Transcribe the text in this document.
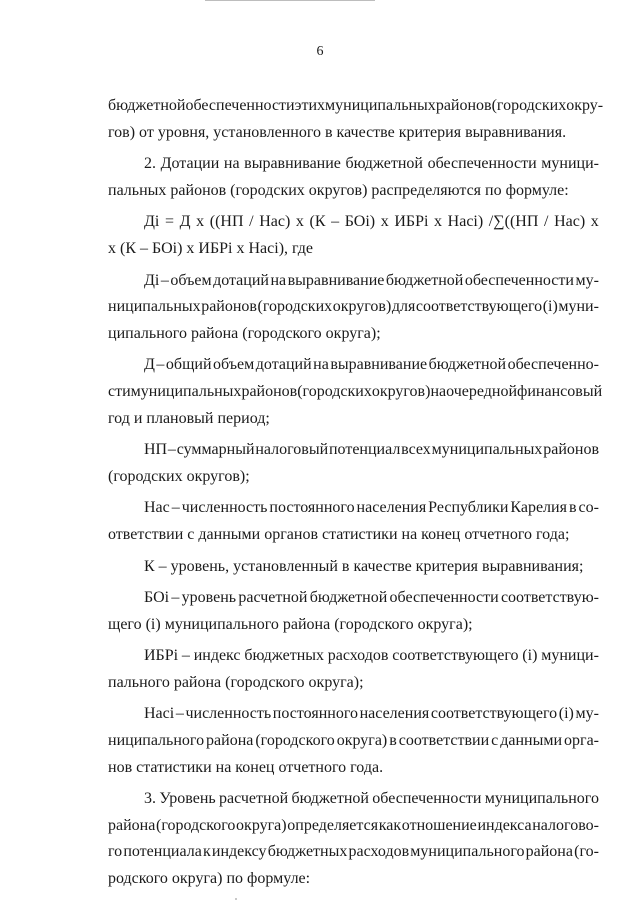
6
бюджетной обеспеченности этих муниципальных районов (городских окру-
гов) от уровня, установленного в качестве критерия выравнивания.
2. Дотации на выравнивание бюджетной обеспеченности муници-
пальных районов (городских округов) распределяются по формуле:
Дi = Д х ((НП / Нас) х (К – БОi) х ИБРi х Насi) /∑((НП / Нас) х
х (К – БОi) х ИБРi х Насi), где
Дi – объем дотаций на выравнивание бюджетной обеспеченности му-
ниципальных районов (городских округов) для соответствующего (i) муни-
ципального района (городского округа);
Д – общий объем дотаций на выравнивание бюджетной обеспеченно-
сти муниципальных районов (городских округов) на очередной финансовый
год и плановый период;
НП – суммарный налоговый потенциал всех муниципальных районов
(городских округов);
Нас – численность постоянного населения Республики Карелия в со-
ответствии с данными органов статистики на конец отчетного года;
К – уровень, установленный в качестве критерия выравнивания;
БОi – уровень расчетной бюджетной обеспеченности соответствую-
щего (i) муниципального района (городского округа);
ИБРi – индекс бюджетных расходов соответствующего (i) муници-
пального района (городского округа);
Насi – численность постоянного населения соответствующего (i) му-
ниципального района (городского округа) в соответствии с данными орга-
нов статистики на конец отчетного года.
3. Уровень расчетной бюджетной обеспеченности муниципального
района (городского округа) определяется как отношение индекса налогово-
го потенциала к индексу бюджетных расходов муниципального района (го-
родского округа) по формуле:
